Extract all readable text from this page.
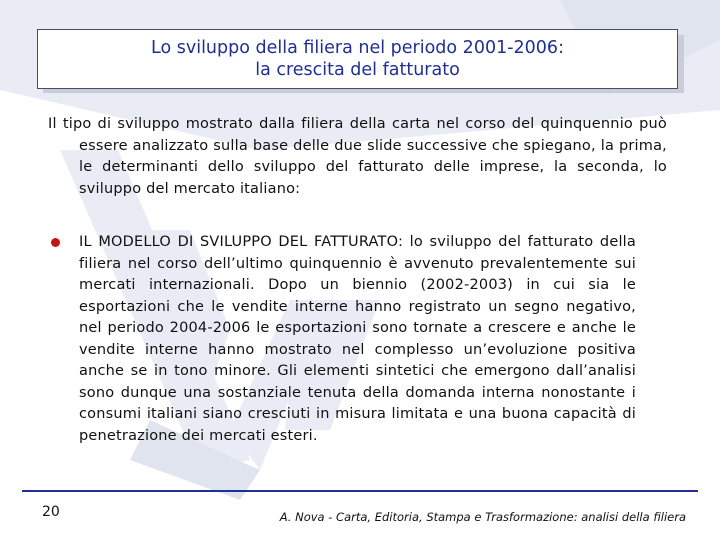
Lo sviluppo della filiera nel periodo 2001-2006:
la crescita del fatturato
Il tipo di sviluppo mostrato dalla filiera della carta nel corso del quinquennio può essere analizzato sulla base delle due slide successive che spiegano, la prima, le determinanti dello sviluppo del fatturato delle imprese, la seconda, lo sviluppo del mercato italiano:
IL MODELLO DI SVILUPPO DEL FATTURATO: lo sviluppo del fatturato della filiera nel corso dell’ultimo quinquennio è avvenuto prevalentemente sui mercati internazionali. Dopo un biennio (2002-2003) in cui sia le esportazioni che le vendite interne hanno registrato un segno negativo, nel periodo 2004-2006 le esportazioni sono tornate a crescere e anche le vendite interne hanno mostrato nel complesso un’evoluzione positiva anche se in tono minore. Gli elementi sintetici che emergono dall’analisi sono dunque una sostanziale tenuta della domanda interna nonostante i consumi italiani siano cresciuti in misura limitata e una buona capacità di penetrazione dei mercati esteri.
20	A. Nova - Carta, Editoria, Stampa e Trasformazione: analisi della filiera
